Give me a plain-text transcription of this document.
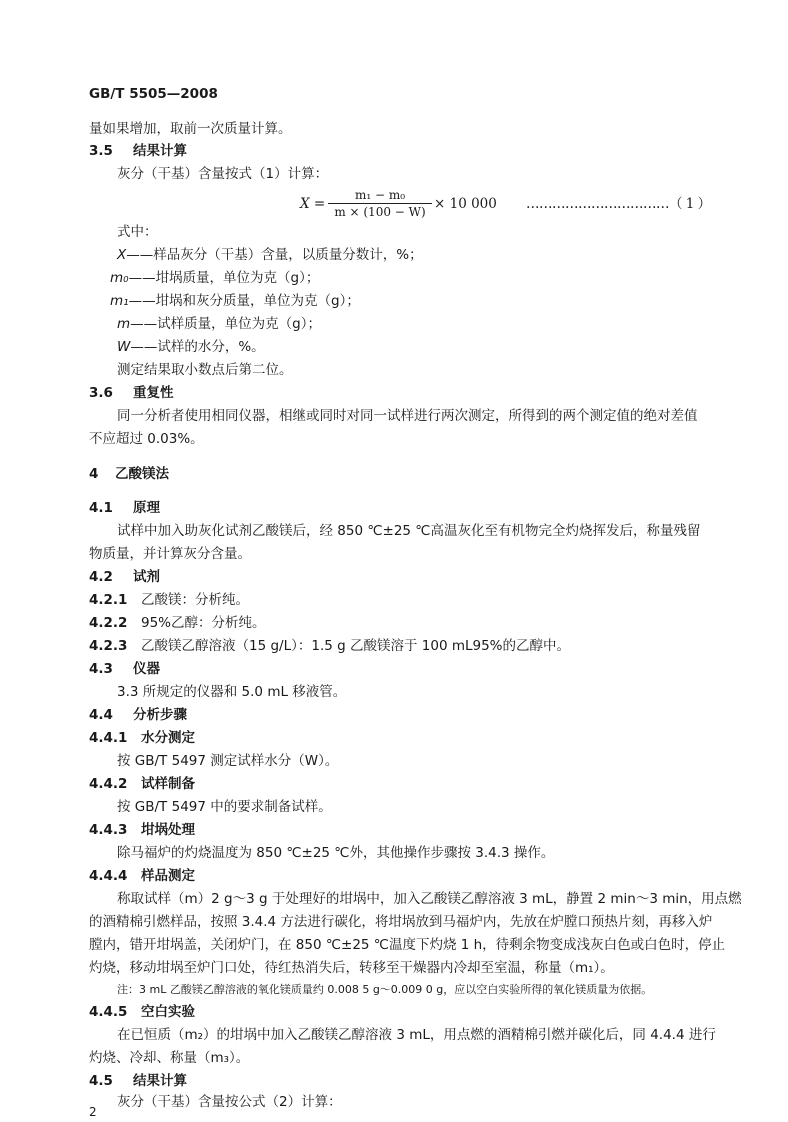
GB/T 5505—2008
量如果增加，取前一次质量计算。
3.5 结果计算
灰分（干基）含量按式（1）计算：
X =
m₁ − m₀
m × (100 − W) × 10 000 ……………………………（ 1 ）
式中：
X——样品灰分（干基）含量，以质量分数计，%；
m₀——坩埚质量，单位为克（g）；
m₁——坩埚和灰分质量，单位为克（g）；
m——试样质量，单位为克（g）；
W——试样的水分，%。
测定结果取小数点后第二位。
3.6 重复性
同一分析者使用相同仪器，相继或同时对同一试样进行两次测定，所得到的两个测定值的绝对差值
不应超过 0.03%。
4 乙酸镁法
4.1 原理
试样中加入助灰化试剂乙酸镁后，经 850 ℃±25 ℃高温灰化至有机物完全灼烧挥发后，称量残留
物质量，并计算灰分含量。
4.2 试剂
4.2.1 乙酸镁：分析纯。
4.2.2 95%乙醇：分析纯。
4.2.3 乙酸镁乙醇溶液（15 g/L）：1.5 g 乙酸镁溶于 100 mL95%的乙醇中。
4.3 仪器
3.3 所规定的仪器和 5.0 mL 移液管。
4.4 分析步骤
4.4.1 水分测定
按 GB/T 5497 测定试样水分（W）。
4.4.2 试样制备
按 GB/T 5497 中的要求制备试样。
4.4.3 坩埚处理
除马福炉的灼烧温度为 850 ℃±25 ℃外，其他操作步骤按 3.4.3 操作。
4.4.4 样品测定
称取试样（m）2 g～3 g 于处理好的坩埚中，加入乙酸镁乙醇溶液 3 mL，静置 2 min～3 min，用点燃
的酒精棉引燃样品，按照 3.4.4 方法进行碳化，将坩埚放到马福炉内，先放在炉膛口预热片刻，再移入炉
膛内，错开坩埚盖，关闭炉门，在 850 ℃±25 ℃温度下灼烧 1 h，待剩余物变成浅灰白色或白色时，停止
灼烧，移动坩埚至炉门口处，待红热消失后，转移至干燥器内冷却至室温，称量（m₁）。
注：3 mL 乙酸镁乙醇溶液的氧化镁质量约 0.008 5 g～0.009 0 g，应以空白实验所得的氧化镁质量为依据。
4.4.5 空白实验
在已恒质（m₂）的坩埚中加入乙酸镁乙醇溶液 3 mL，用点燃的酒精棉引燃并碳化后，同 4.4.4 进行
灼烧、冷却、称量（m₃）。
4.5 结果计算
灰分（干基）含量按公式（2）计算：
2
